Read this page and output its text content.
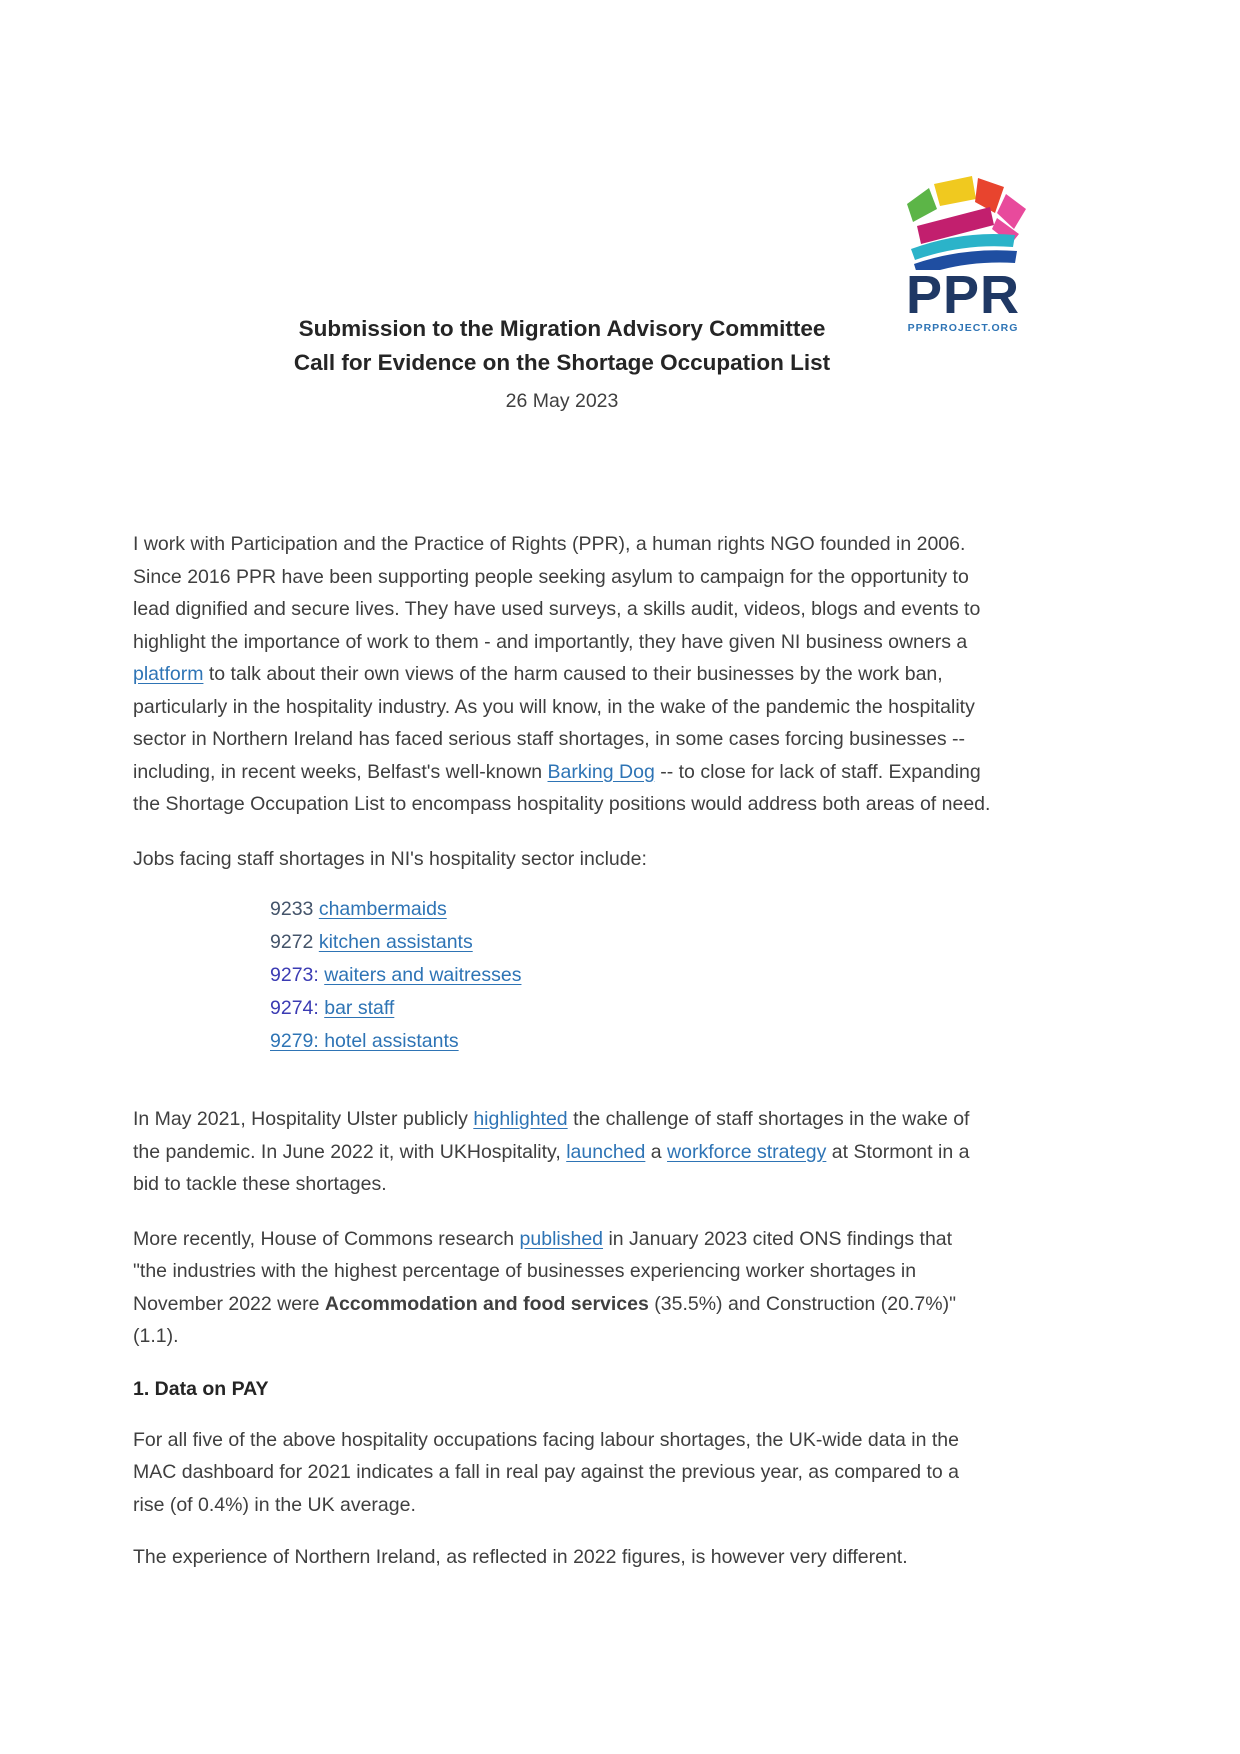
PPR
PPRPROJECT.ORG
Submission to the Migration Advisory Committee
Call for Evidence on the Shortage Occupation List
26 May 2023

I work with Participation and the Practice of Rights (PPR), a human rights NGO founded in 2006. Since 2016 PPR have been supporting people seeking asylum to campaign for the opportunity to lead dignified and secure lives. They have used surveys, a skills audit, videos, blogs and events to highlight the importance of work to them - and importantly, they have given NI business owners a platform to talk about their own views of the harm caused to their businesses by the work ban, particularly in the hospitality industry. As you will know, in the wake of the pandemic the hospitality sector in Northern Ireland has faced serious staff shortages, in some cases forcing businesses -- including, in recent weeks, Belfast's well-known Barking Dog -- to close for lack of staff. Expanding the Shortage Occupation List to encompass hospitality positions would address both areas of need.

Jobs facing staff shortages in NI's hospitality sector include:

9233 chambermaids
9272 kitchen assistants
9273: waiters and waitresses
9274: bar staff
9279: hotel assistants

In May 2021, Hospitality Ulster publicly highlighted the challenge of staff shortages in the wake of the pandemic. In June 2022 it, with UKHospitality, launched a workforce strategy at Stormont in a bid to tackle these shortages.

More recently, House of Commons research published in January 2023 cited ONS findings that "the industries with the highest percentage of businesses experiencing worker shortages in November 2022 were Accommodation and food services (35.5%) and Construction (20.7%)" (1.1).

1. Data on PAY

For all five of the above hospitality occupations facing labour shortages, the UK-wide data in the MAC dashboard for 2021 indicates a fall in real pay against the previous year, as compared to a rise (of 0.4%) in the UK average.

The experience of Northern Ireland, as reflected in 2022 figures, is however very different.
